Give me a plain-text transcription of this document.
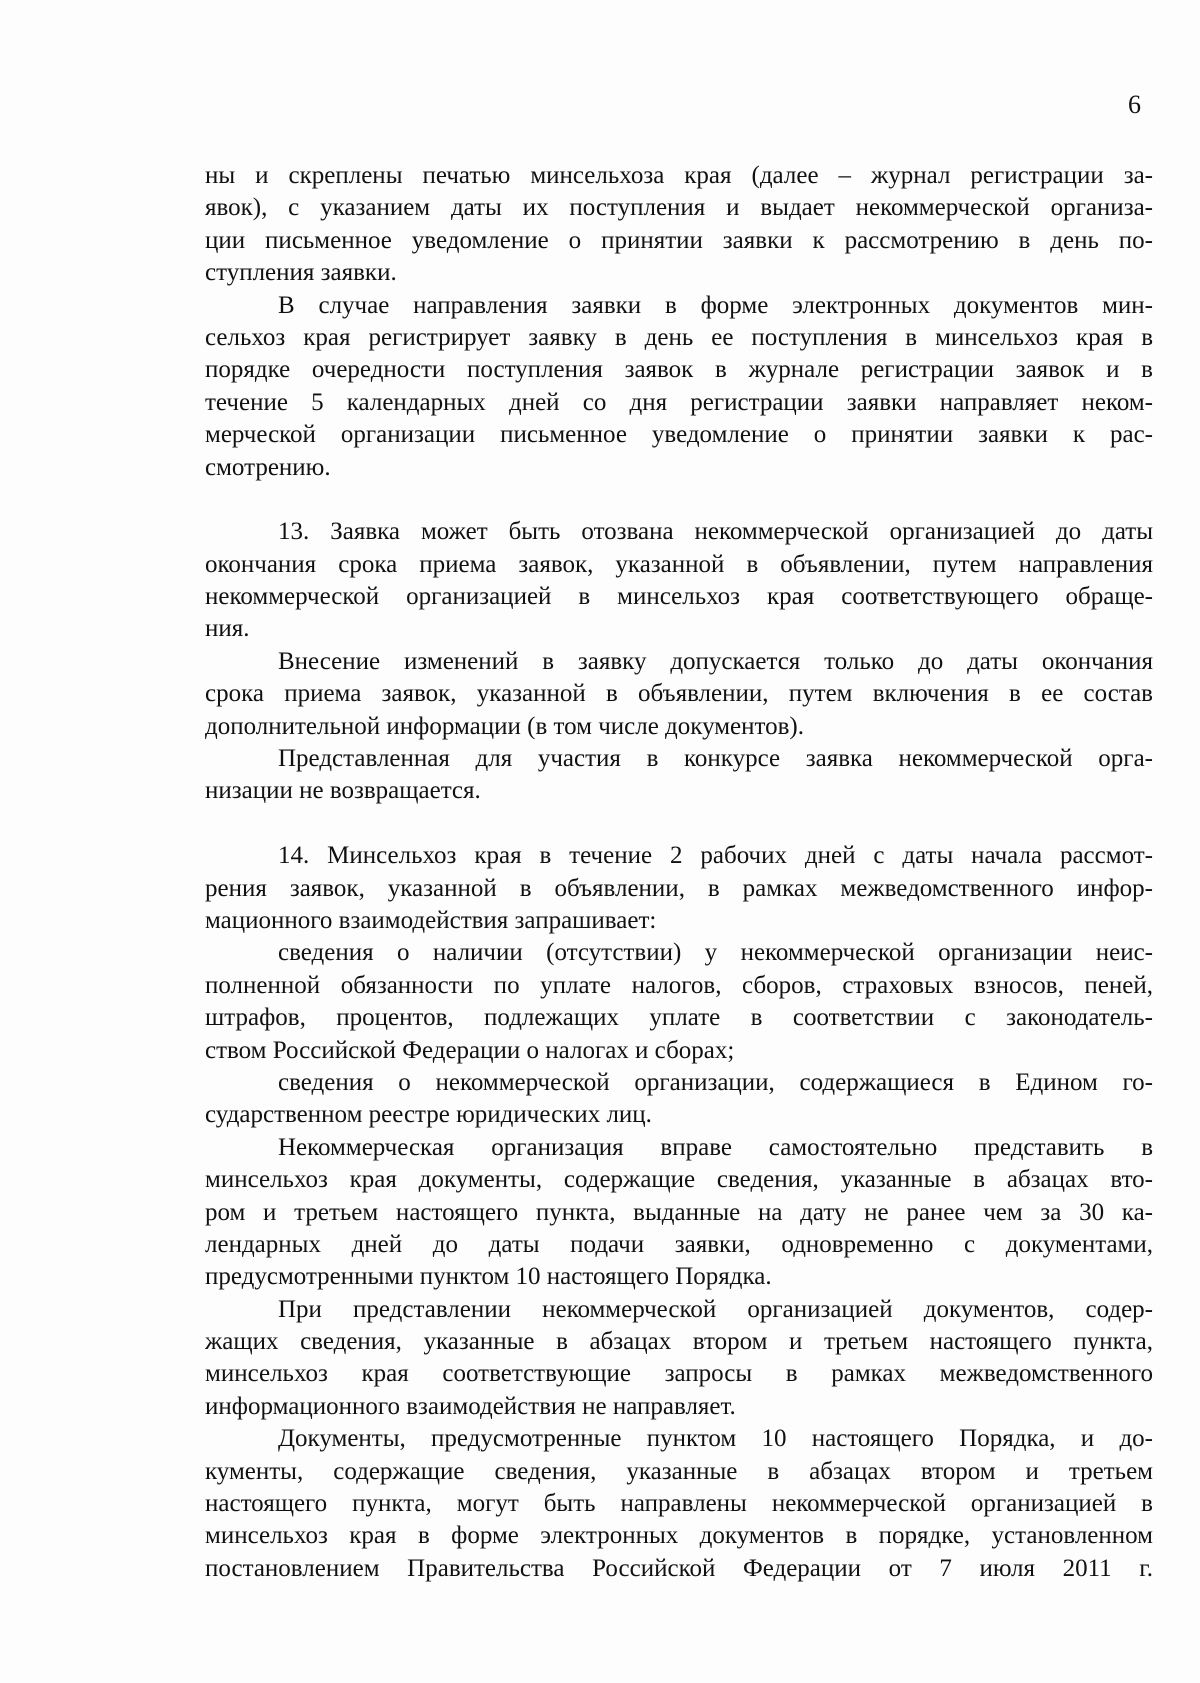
6
ны и скреплены печатью минсельхоза края (далее – журнал регистрации за-
явок), с указанием даты их поступления и выдает некоммерческой организа-
ции письменное уведомление о принятии заявки к рассмотрению в день по-
ступления заявки.
В случае направления заявки в форме электронных документов мин-
сельхоз края регистрирует заявку в день ее поступления в минсельхоз края в
порядке очередности поступления заявок в журнале регистрации заявок и в
течение 5 календарных дней со дня регистрации заявки направляет неком-
мерческой организации письменное уведомление о принятии заявки к рас-
смотрению.
13. Заявка может быть отозвана некоммерческой организацией до даты
окончания срока приема заявок, указанной в объявлении, путем направления
некоммерческой организацией в минсельхоз края соответствующего обраще-
ния.
Внесение изменений в заявку допускается только до даты окончания
срока приема заявок, указанной в объявлении, путем включения в ее состав
дополнительной информации (в том числе документов).
Представленная для участия в конкурсе заявка некоммерческой орга-
низации не возвращается.
14. Минсельхоз края в течение 2 рабочих дней с даты начала рассмот-
рения заявок, указанной в объявлении, в рамках межведомственного инфор-
мационного взаимодействия запрашивает:
сведения о наличии (отсутствии) у некоммерческой организации неис-
полненной обязанности по уплате налогов, сборов, страховых взносов, пеней,
штрафов, процентов, подлежащих уплате в соответствии с законодатель-
ством Российской Федерации о налогах и сборах;
сведения о некоммерческой организации, содержащиеся в Едином го-
сударственном реестре юридических лиц.
Некоммерческая организация вправе самостоятельно представить в
минсельхоз края документы, содержащие сведения, указанные в абзацах вто-
ром и третьем настоящего пункта, выданные на дату не ранее чем за 30 ка-
лендарных дней до даты подачи заявки, одновременно с документами,
предусмотренными пунктом 10 настоящего Порядка.
При представлении некоммерческой организацией документов, содер-
жащих сведения, указанные в абзацах втором и третьем настоящего пункта,
минсельхоз края соответствующие запросы в рамках межведомственного
информационного взаимодействия не направляет.
Документы, предусмотренные пунктом 10 настоящего Порядка, и до-
кументы, содержащие сведения, указанные в абзацах втором и третьем
настоящего пункта, могут быть направлены некоммерческой организацией в
минсельхоз края в форме электронных документов в порядке, установленном
постановлением Правительства Российской Федерации от 7 июля 2011 г.
